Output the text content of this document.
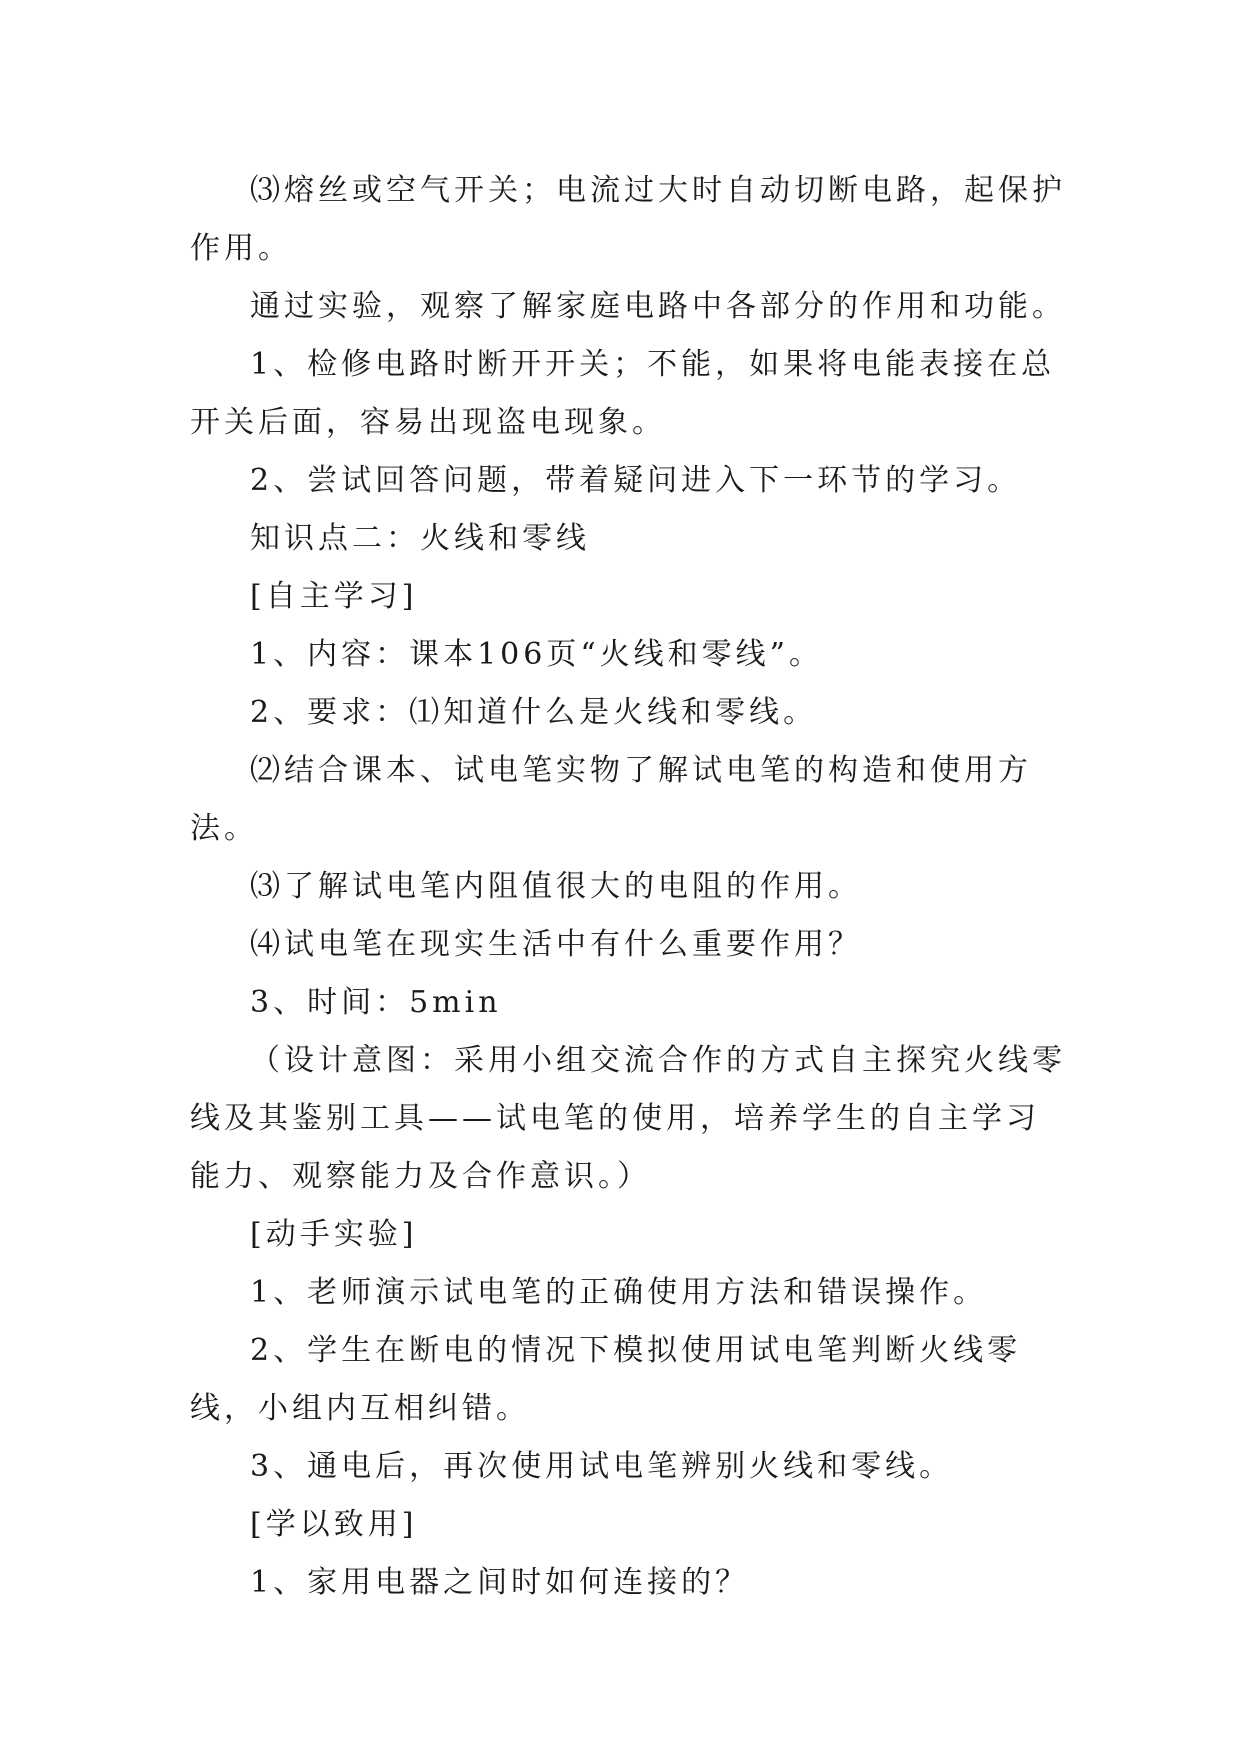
⑶熔丝或空气开关；电流过大时自动切断电路，起保护作用。

通过实验，观察了解家庭电路中各部分的作用和功能。

1、检修电路时断开开关；不能，如果将电能表接在总开关后面，容易出现盗电现象。

2、尝试回答问题，带着疑问进入下一环节的学习。

知识点二：火线和零线

[自主学习]

1、内容：课本106页“火线和零线”。

2、要求：⑴知道什么是火线和零线。

⑵结合课本、试电笔实物了解试电笔的构造和使用方法。

⑶了解试电笔内阻值很大的电阻的作用。

⑷试电笔在现实生活中有什么重要作用？

3、时间：5min

（设计意图：采用小组交流合作的方式自主探究火线零线及其鉴别工具——试电笔的使用，培养学生的自主学习能力、观察能力及合作意识。）

[动手实验]

1、老师演示试电笔的正确使用方法和错误操作。

2、学生在断电的情况下模拟使用试电笔判断火线零线，小组内互相纠错。

3、通电后，再次使用试电笔辨别火线和零线。

[学以致用]

1、家用电器之间时如何连接的？
